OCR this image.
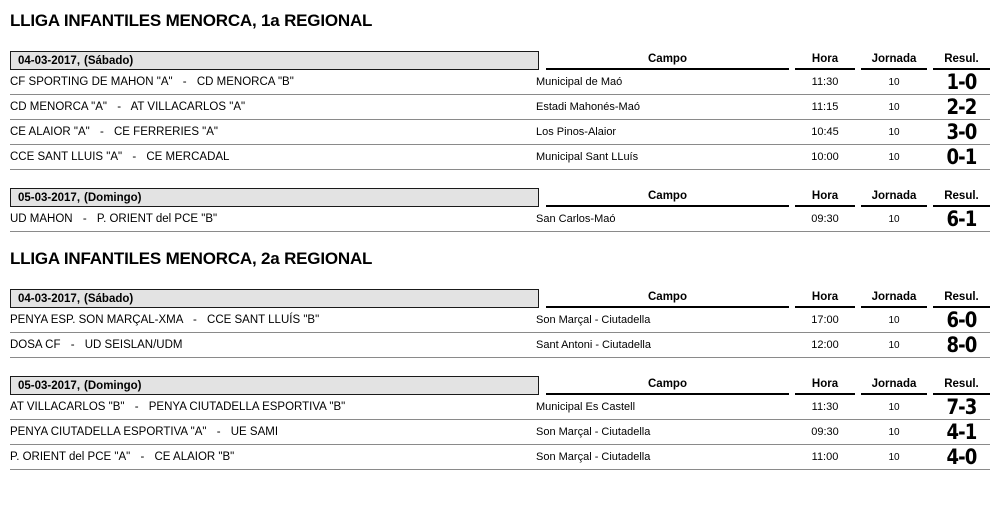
LLIGA INFANTILES MENORCA, 1a REGIONAL
04-03-2017, (Sábado)	Campo	Hora	Jornada	Resul.
CF SPORTING DE MAHON "A" - CD MENORCA "B"	Municipal de Maó	11:30	10	1-0
CD MENORCA "A" - AT VILLACARLOS "A"	Estadi Mahonés-Maó	11:15	10	2-2
CE ALAIOR "A" - CE FERRERIES "A"	Los Pinos-Alaior	10:45	10	3-0
CCE SANT LLUIS "A" - CE MERCADAL	Municipal Sant LLuís	10:00	10	0-1
05-03-2017, (Domingo)	Campo	Hora	Jornada	Resul.
UD MAHON - P. ORIENT del PCE "B"	San Carlos-Maó	09:30	10	6-1
LLIGA INFANTILES MENORCA, 2a REGIONAL
04-03-2017, (Sábado)	Campo	Hora	Jornada	Resul.
PENYA ESP. SON MARÇAL-XMA - CCE SANT LLUÍS "B"	Son Marçal - Ciutadella	17:00	10	6-0
DOSA CF - UD SEISLAN/UDM	Sant Antoni - Ciutadella	12:00	10	8-0
05-03-2017, (Domingo)	Campo	Hora	Jornada	Resul.
AT VILLACARLOS "B" - PENYA CIUTADELLA ESPORTIVA "B"	Municipal Es Castell	11:30	10	7-3
PENYA CIUTADELLA ESPORTIVA "A" - UE SAMI	Son Marçal - Ciutadella	09:30	10	4-1
P. ORIENT del PCE "A" - CE ALAIOR "B"	Son Marçal - Ciutadella	11:00	10	4-0
